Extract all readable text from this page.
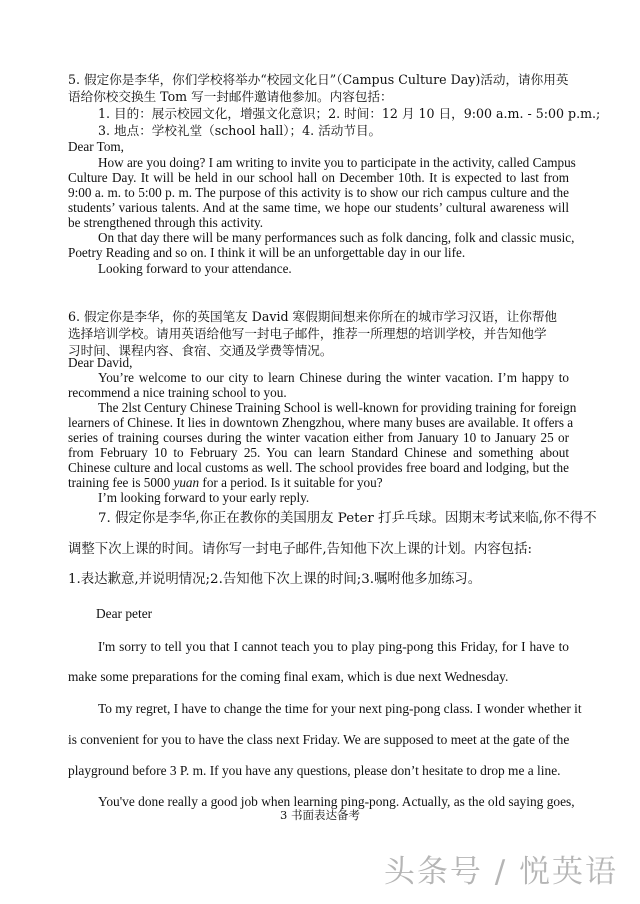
5. 假定你是李华，你们学校将举办“校园文化日”（Campus Culture Day)活动，请你用英
语给你校交换生 Tom 写一封邮件邀请他参加。内容包括：
1. 目的：展示校园文化，增强文化意识；2. 时间：12 月 10 日，9:00 a.m. - 5:00 p.m.;
3. 地点：学校礼堂（school hall）；4. 活动节目。
Dear Tom,
How are you doing? I am writing to invite you to participate in the activity, called Campus
Culture Day. It will be held in our school hall on December 10th. It is expected to last from
9:00 a. m. to 5:00 p. m. The purpose of this activity is to show our rich campus culture and the
students’ various talents. And at the same time, we hope our students’ cultural awareness will
be strengthened through this activity.
On that day there will be many performances such as folk dancing, folk and classic music,
Poetry Reading and so on. I think it will be an unforgettable day in our life.
Looking forward to your attendance.
6. 假定你是李华，你的英国笔友 David 寒假期间想来你所在的城市学习汉语，让你帮他
选择培训学校。请用英语给他写一封电子邮件，推荐一所理想的培训学校，并告知他学
习时间、课程内容、食宿、交通及学费等情况。
Dear David,
You’re welcome to our city to learn Chinese during the winter vacation. I’m happy to
recommend a nice training school to you.
The 2lst Century Chinese Training School is well-known for providing training for foreign
learners of Chinese. It lies in downtown Zhengzhou, where many buses are available. It offers a
series of training courses during the winter vacation either from January 10 to January 25 or
from February 10 to February 25. You can learn Standard Chinese and something about
Chinese culture and local customs as well. The school provides free board and lodging, but the
training fee is 5000 yuan for a period. Is it suitable for you?
I’m looking forward to your early reply.
7. 假定你是李华,你正在教你的美国朋友 Peter 打乒乓球。因期末考试来临,你不得不
调整下次上课的时间。请你写一封电子邮件,告知他下次上课的计划。内容包括:
1.表达歉意,并说明情况;2.告知他下次上课的时间;3.嘱咐他多加练习。
Dear peter
I'm sorry to tell you that I cannot teach you to play ping-pong this Friday, for I have to
make some preparations for the coming final exam, which is due next Wednesday.
To my regret, I have to change the time for your next ping-pong class. I wonder whether it
is convenient for you to have the class next Friday. We are supposed to meet at the gate of the
playground before 3 P. m. If you have any questions, please don’t hesitate to drop me a line.
You've done really a good job when learning ping-pong. Actually, as the old saying goes,
3 书面表达备考
头条号 / 悦英语
